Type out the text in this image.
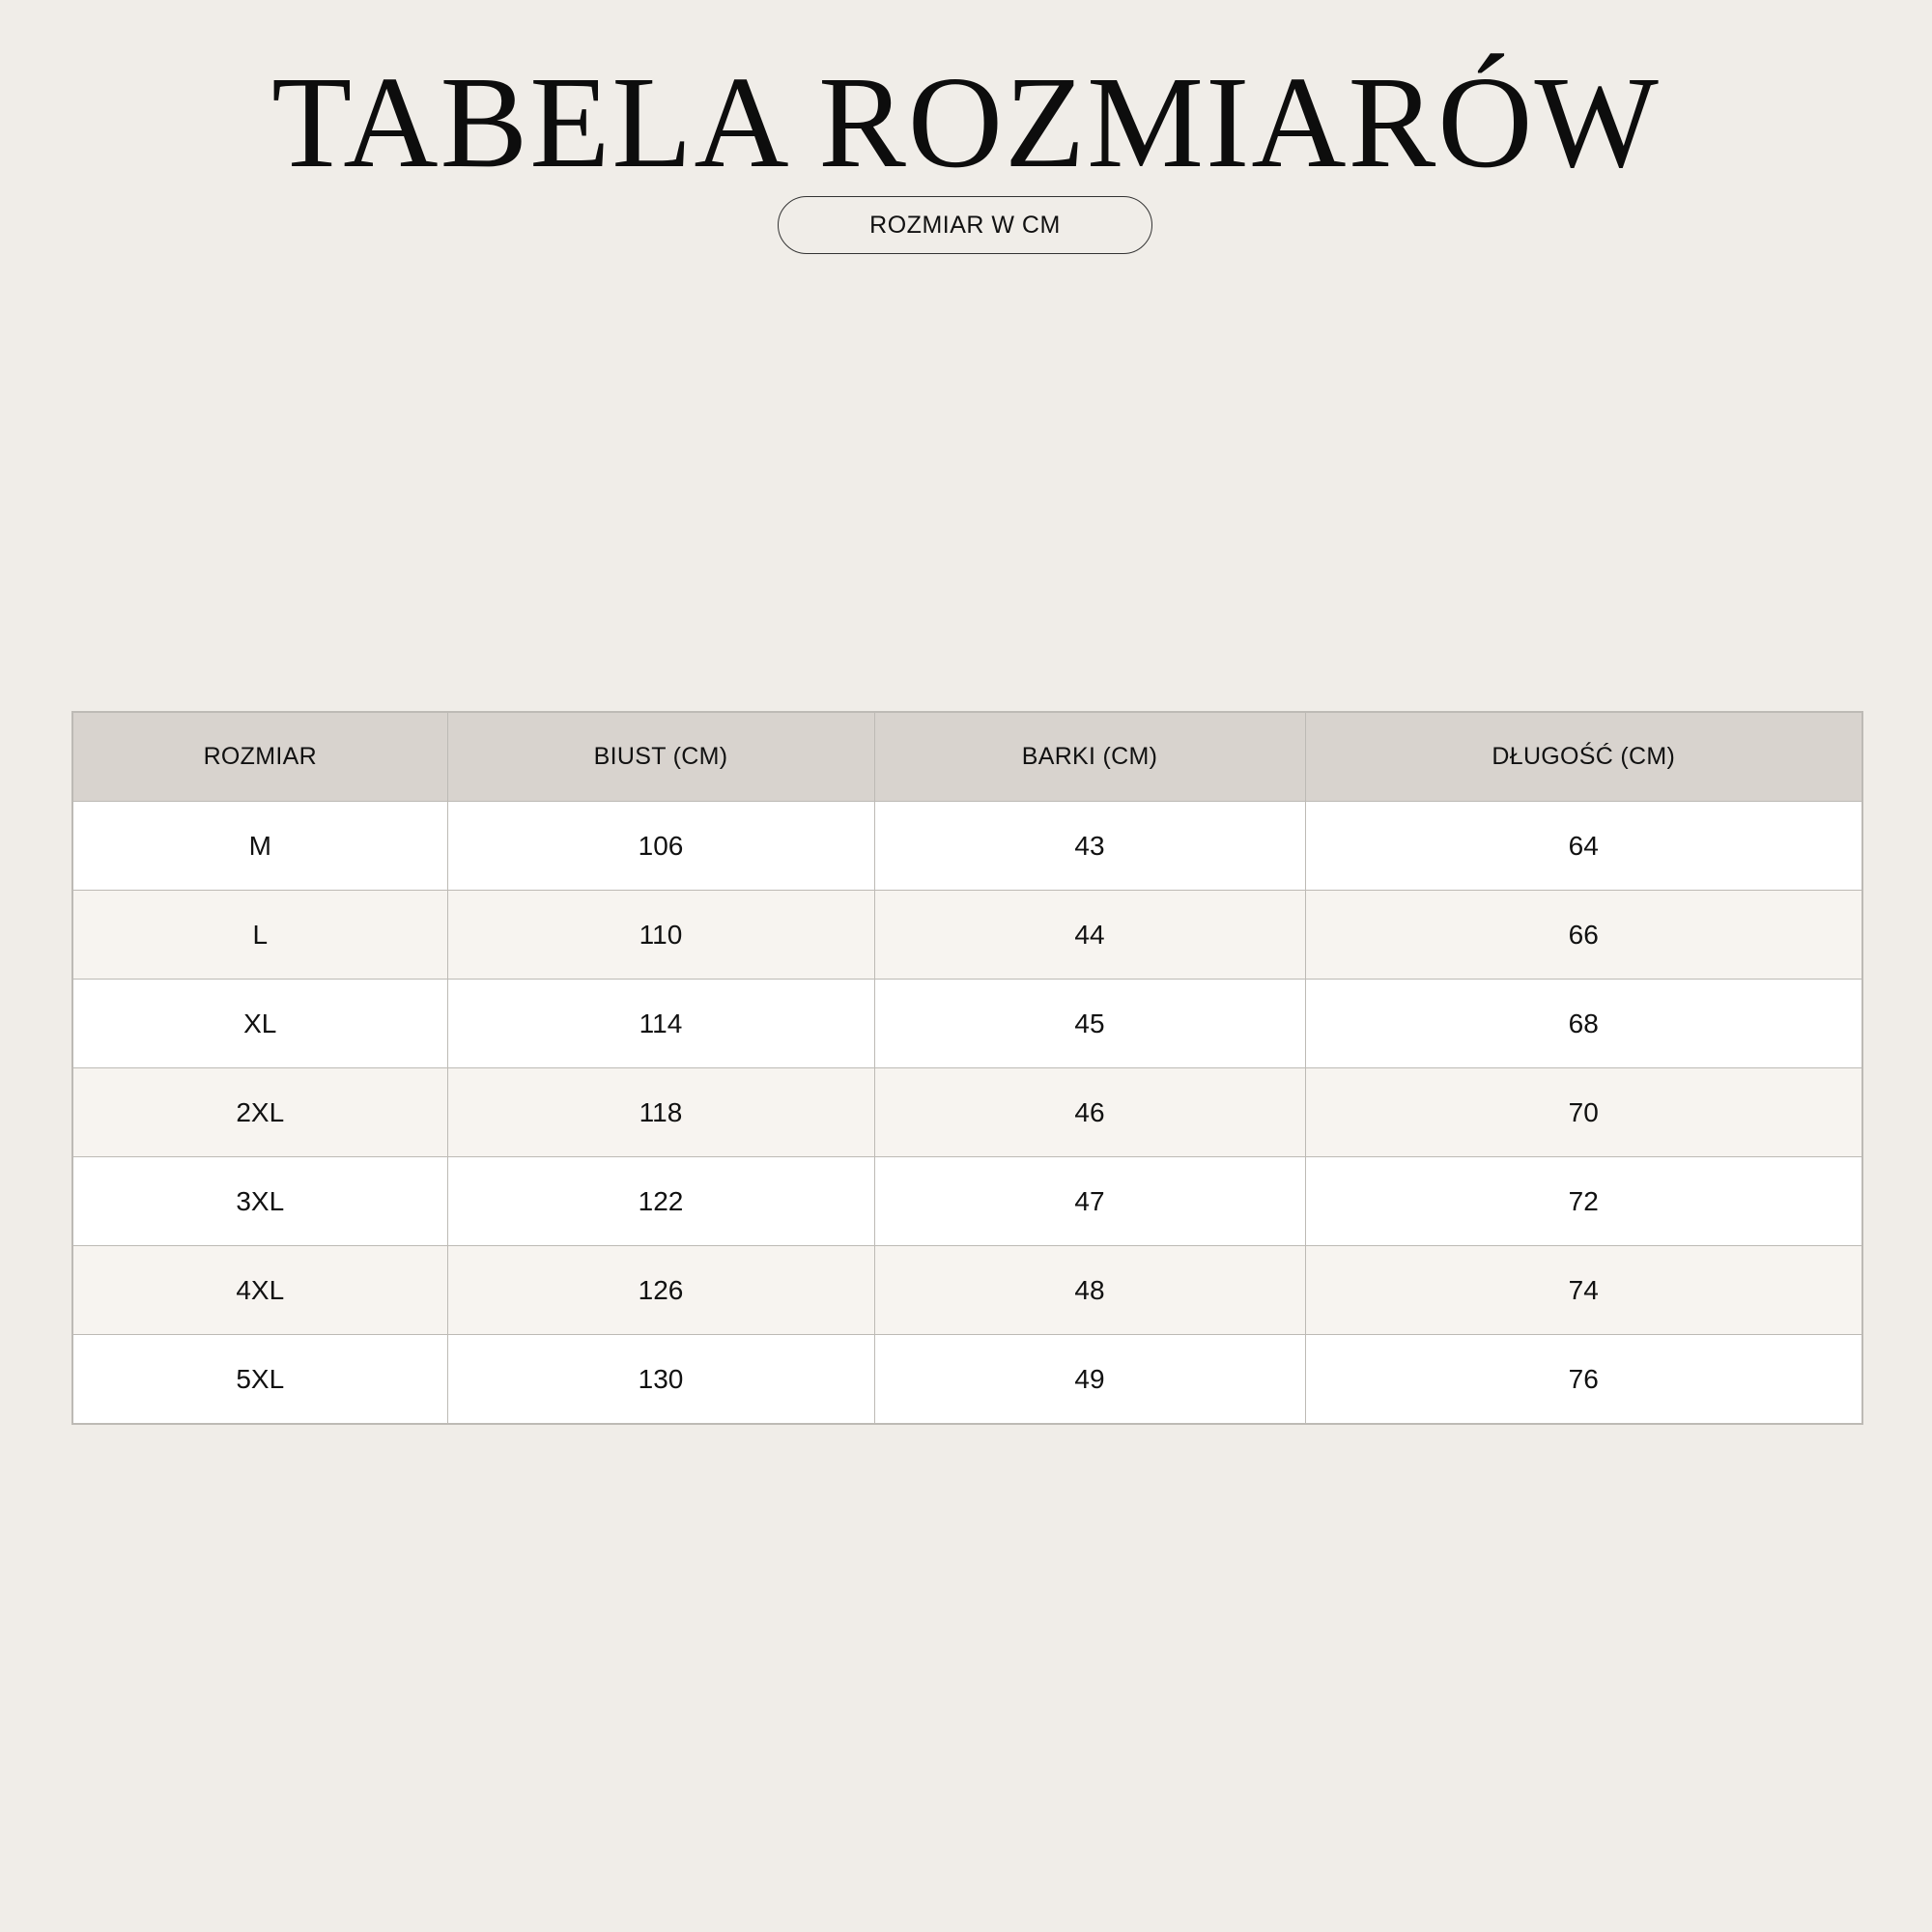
TABELA ROZMIARÓW
ROZMIAR W CM
ROZMIAR	BIUST (CM)	BARKI (CM)	DŁUGOŚĆ (CM)
M	106	43	64
L	110	44	66
XL	114	45	68
2XL	118	46	70
3XL	122	47	72
4XL	126	48	74
5XL	130	49	76
